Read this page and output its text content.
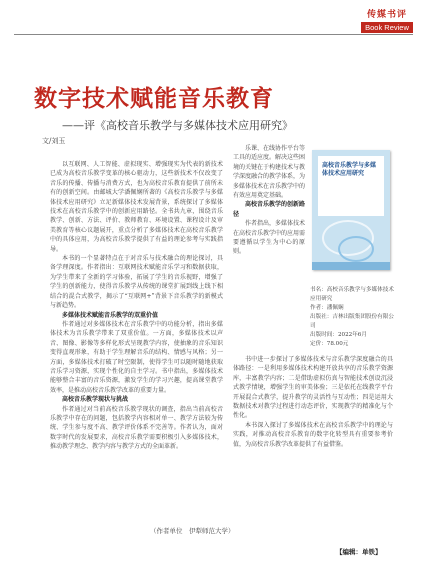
传媒书评
Book Review
数字技术赋能音乐教育
——评《高校音乐教学与多媒体技术应用研究》
文/刘玉

以互联网、人工智能、虚拟现实、增强现实为代表的新技术已成为高校音乐教学变革的核心驱动力，这些新技术不仅改变了音乐的传播、传播与消费方式，也为高校音乐教育提供了前所未有的创新空间。由邮城大学潘佩娴所著的《高校音乐教学与多媒体技术应用研究》立足新媒体技术发展背景，系统探讨了多媒体技术在高校音乐教学中的创新应用路径。全书共九章，围绕音乐教学、创新、方法、评价、教师教育、环境设置、课程设计及审美教育等核心议题展开，重点分析了多媒体技术在高校音乐教学中的具体应用，为高校音乐教学提供了有益的理论参考与实践指导。

本书的一个显著特点在于对音乐与技术融合的理论探讨，具备学理深度。作者指出：互联网技术赋能音乐学习和数据获取，为学生带来了全新的学习体验，拓展了学生的音乐视野，增强了学生的创新能力，使得音乐教学从传统的课堂扩展到线上线下相结合的混合式教学，揭示了“互联网+”背景下音乐教学的新模式与新趋势。

多媒体技术赋能音乐教学的双重价值

作者通过对多媒体技术在音乐教学中的功能分析，指出多媒体技术为音乐教学带来了双重价值。一方面，多媒体技术以声音、图像、影像等多样化形式呈现教学内容，使抽象的音乐知识变得直观形象，有助于学生理解音乐的结构、情感与风格；另一方面，多媒体技术打破了时空限制，使得学生可以随时随地获取音乐学习资源，实现个性化的自主学习。书中指出，多媒体技术能够整合丰富的音乐资源，激发学生的学习兴趣，提高课堂教学效率，是推动高校音乐教学改革的重要力量。

高校音乐教学现状与挑战

作者通过对当前高校音乐教学现状的调查，指出当前高校音乐教学中存在的问题，包括教学内容相对单一、教学方法较为传统、学生参与度不高、教学评价体系不完善等。作者认为，面对数字时代的发展要求，高校音乐教学需要积极引入多媒体技术，推动教学理念、教学内容与教学方式的全面革新。

乐课、在线协作平台等工具的适应度。解决这些困境的关键在于构建技术与教学深度融合的教学体系，为多媒体技术在音乐教学中的有效应用奠定基础。

高校音乐教学的创新路径

作者指出，多媒体技术在高校音乐教学中的应用需要遵循以学生为中心的原则。

书中进一步探讨了多媒体技术与音乐教学深度融合的具体路径：一是利用多媒体技术构建开放共享的音乐教学资源库，丰富教学内容；二是借助虚拟仿真与智能技术创设沉浸式教学情境，增强学生的审美体验；三是依托在线教学平台开展混合式教学，提升教学的灵活性与互动性；四是运用大数据技术对教学过程进行动态评价，实现教学的精准化与个性化。

本书深入探讨了多媒体技术在高校音乐教学中的理论与实践，对推动高校音乐教育的数字化转型具有重要参考价值，为高校音乐教学改革提供了有益借鉴。

高校音乐教学与多媒体技术应用研究
书名：高校音乐教学与多媒体技术应用研究
作者：潘佩娴
出版社：吉林出版集团股份有限公司
出版时间：2022年6月
定价：78.00元
（作者单位　伊犁师范大学）
【编辑：单铁】
